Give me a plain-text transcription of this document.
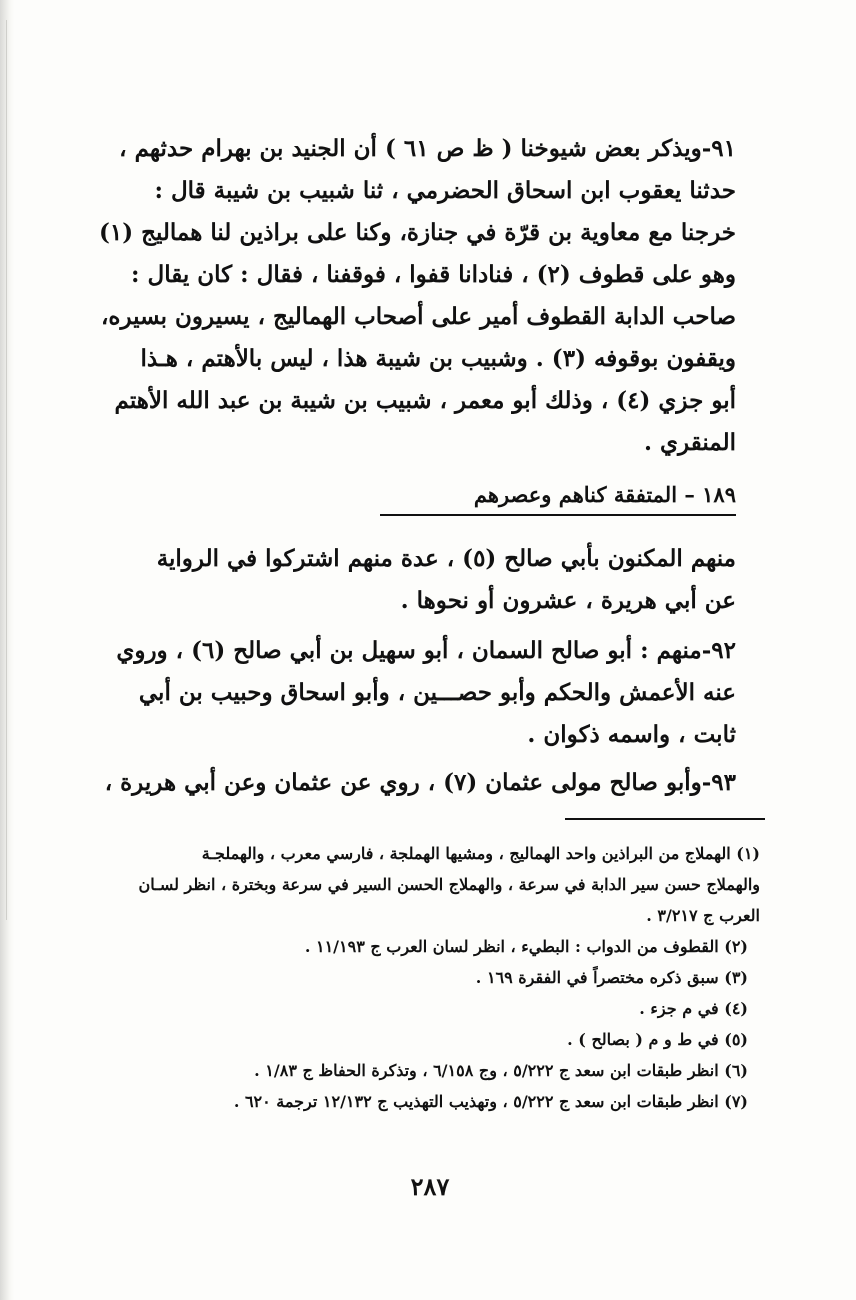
٩١-ويذكر بعض شيوخنا ( ظ ص ٦١ ) أن الجنيد بن بهرام حدثهم ،
حدثنا يعقوب ابن اسحاق الحضرمي ، ثنا شبيب بن شيبة قال :
خرجنا مع معاوية بن قرّة في جنازة، وكنا على براذين لنا هماليج (١)
وهو على قطوف (٢) ، فنادانا قفوا ، فوقفنا ، فقال : كان يقال :
صاحب الدابة القطوف أمير على أصحاب الهماليج ، يسيرون بسيره،
ويقفون بوقوفه (٣) . وشبيب بن شيبة هذا ، ليس بالأهتم ، هـذا
أبو جزي (٤) ، وذلك أبو معمر ، شبيب بن شيبة بن عبد الله الأهتم
المنقري .
١٨٩ – المتفقة كناهم وعصرهم
منهم المكنون بأبي صالح (٥) ، عدة منهم اشتركوا في الرواية
عن أبي هريرة ، عشرون أو نحوها .
٩٢-منهم : أبو صالح السمان ، أبو سهيل بن أبي صالح (٦) ، وروي
عنه الأعمش والحكم وأبو حصـــين ، وأبو اسحاق وحبيب بن أبي
ثابت ، واسمه ذكوان .
٩٣-وأبو صالح مولى عثمان (٧) ، روي عن عثمان وعن أبي هريرة ،
(١) الهملاج من البراذين واحد الهماليج ، ومشيها الهملجة ، فارسي معرب ، والهملجـة
والهملاج حسن سير الدابة في سرعة ، والهملاج الحسن السير في سرعة وبخترة ، انظر لسـان
العرب ج ٣/٢١٧ .
(٢) القطوف من الدواب : البطيء ، انظر لسان العرب ج ١١/١٩٣ .
(٣) سبق ذكره مختصراً في الفقرة ١٦٩ .
(٤) في م جزء .
(٥) في ط و م ( بصالح ) .
(٦) انظر طبقات ابن سعد ج ٥/٢٢٢ ، وج ٦/١٥٨ ، وتذكرة الحفاظ ج ١/٨٣ .
(٧) انظر طبقات ابن سعد ج ٥/٢٢٢ ، وتهذيب التهذيب ج ١٢/١٣٢ ترجمة ٦٢٠ .
٢٨٧
